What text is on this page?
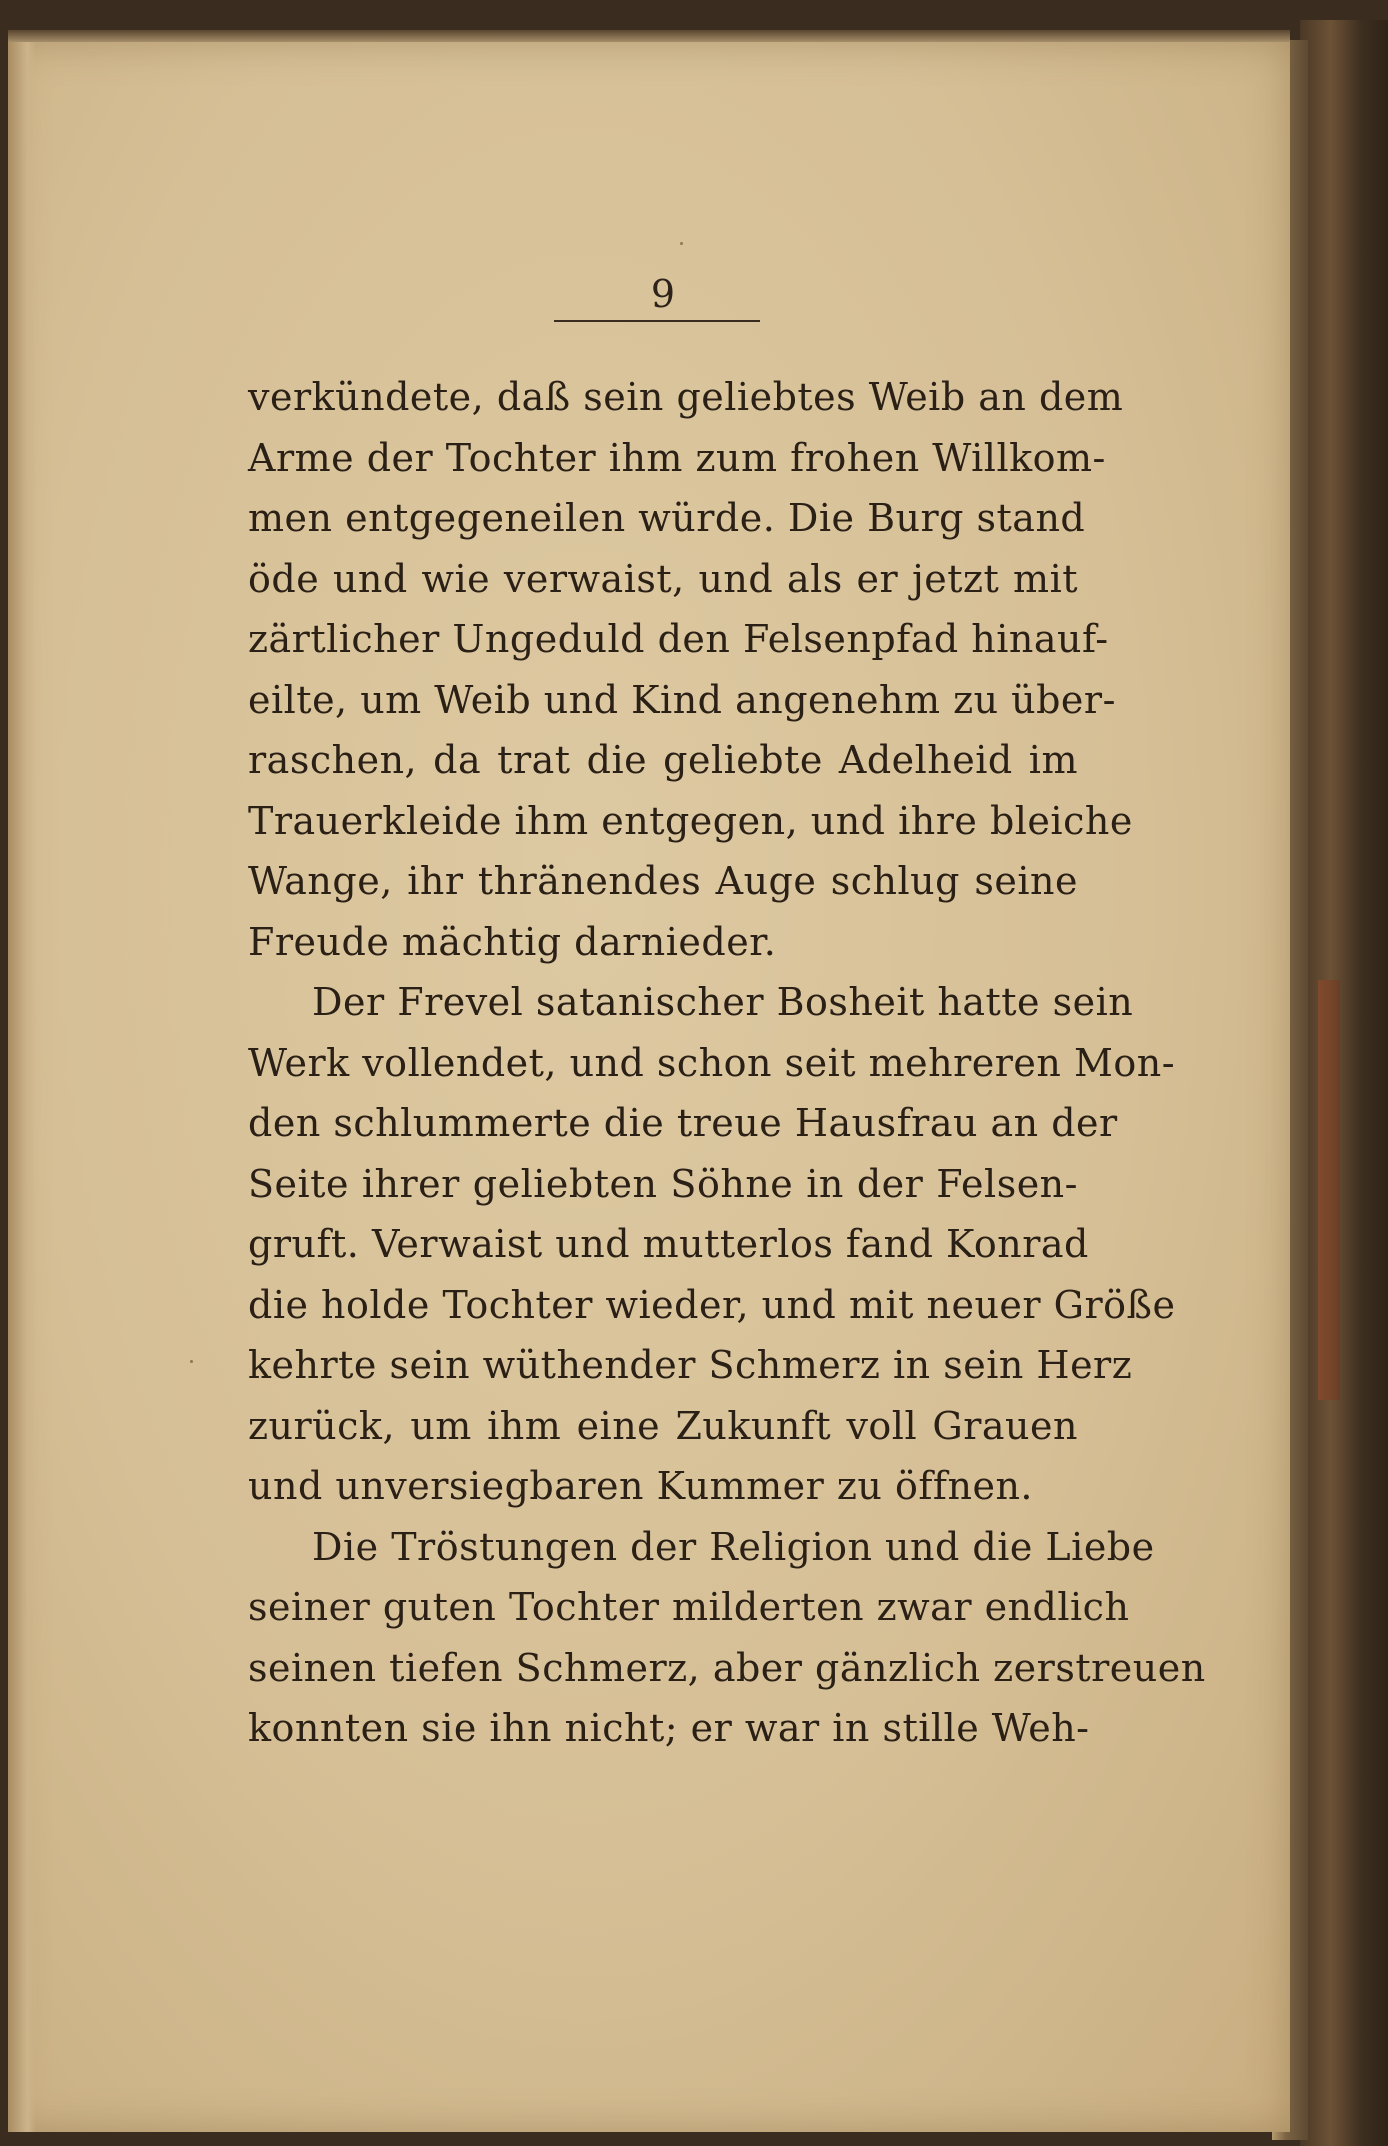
9
verkündete, daß sein geliebtes Weib an dem
Arme der Tochter ihm zum frohen Willkom-
men entgegeneilen würde. Die Burg stand
öde und wie verwaist, und als er jetzt mit
zärtlicher Ungeduld den Felsenpfad hinauf-
eilte, um Weib und Kind angenehm zu über-
raschen, da trat die geliebte Adelheid im
Trauerkleide ihm entgegen, und ihre bleiche
Wange, ihr thränendes Auge schlug seine
Freude mächtig darnieder.
Der Frevel satanischer Bosheit hatte sein
Werk vollendet, und schon seit mehreren Mon-
den schlummerte die treue Hausfrau an der
Seite ihrer geliebten Söhne in der Felsen-
gruft. Verwaist und mutterlos fand Konrad
die holde Tochter wieder, und mit neuer Größe
kehrte sein wüthender Schmerz in sein Herz
zurück, um ihm eine Zukunft voll Grauen
und unversiegbaren Kummer zu öffnen.
Die Tröstungen der Religion und die Liebe
seiner guten Tochter milderten zwar endlich
seinen tiefen Schmerz, aber gänzlich zerstreuen
konnten sie ihn nicht; er war in stille Weh-
